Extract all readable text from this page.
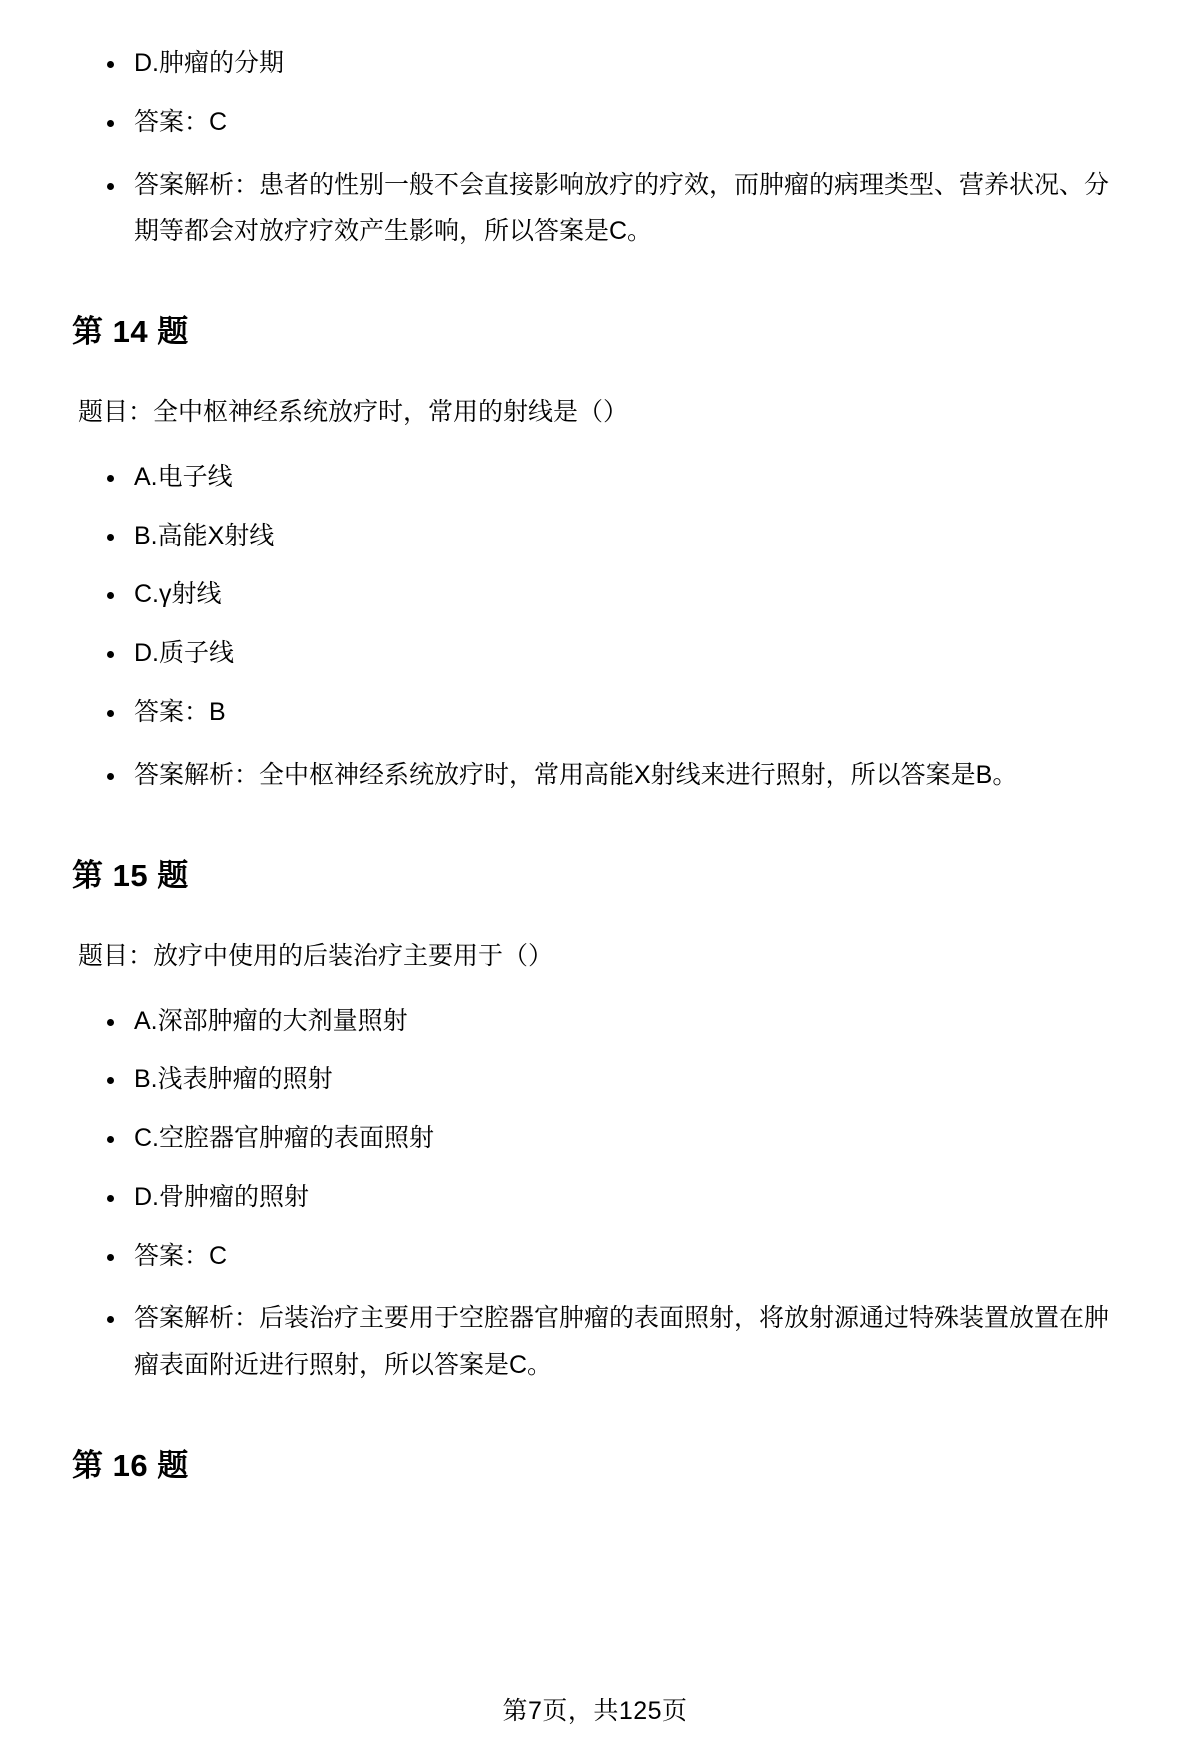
• D.肿瘤的分期
• 答案：C
• 答案解析：患者的性别一般不会直接影响放疗的疗效，而肿瘤的病理类型、营养状况、分期等都会对放疗疗效产生影响，所以答案是C。
第 14 题

题目：全中枢神经系统放疗时，常用的射线是（）

• A.电子线
• B.高能X射线
• C.γ射线
• D.质子线
• 答案：B
• 答案解析：全中枢神经系统放疗时，常用高能X射线来进行照射，所以答案是B。
第 15 题

题目：放疗中使用的后装治疗主要用于（）

• A.深部肿瘤的大剂量照射
• B.浅表肿瘤的照射
• C.空腔器官肿瘤的表面照射
• D.骨肿瘤的照射
• 答案：C
• 答案解析：后装治疗主要用于空腔器官肿瘤的表面照射，将放射源通过特殊装置放置在肿瘤表面附近进行照射，所以答案是C。
第 16 题
第7页，共125页
